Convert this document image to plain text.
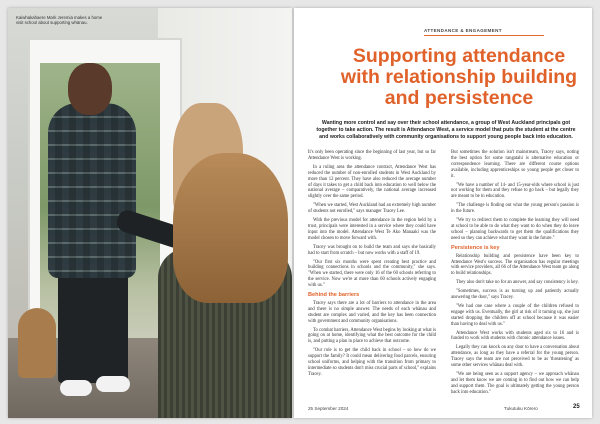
Kaiwhakahaere Mark Jeremia makes a home visit school about supporting whānau.
ATTENDANCE & ENGAGEMENT
Supporting attendance with relationship building and persistence

Wanting more control and say over their school attendance, a group of West Auckland principals got together to take action. The result is Attendance West, a service model that puts the student at the centre and works collaboratively with community organisations to support young people back into education.

It's only been operating since the beginning of last year, but so far Attendance West is working.

In a ruling area the attendance contract, Attendance West has reduced the number of non-enrolled students in West Auckland by more than 12 percent. They have also reduced the average number of days it takes to get a child back into education to well below the national average – comparatively, the national average increased slightly over the same period.

"When we started, West Auckland had an extremely high number of students not enrolled," says manager Tracey Lee.

With the previous model for attendance in the region held by a trust, principals were interested in a service where they could have input into the model. Attendance West Te Ako Manaaki was the model chosen to move forward with.

Tracey was brought on to build the team and says she basically had to start from scratch – but now works with a staff of 19.

"Our first six months were spent creating best practice and building connections in schools and the community," she says. "When we started, there were only 16 of the 60 schools referring to the service. Now we're at more than 60 schools actively engaging with us."

Behind the barriers

Tracey says there are a lot of barriers to attendance in the area and there is no simple answer. The needs of each whānau and student are complex and varied, and the key has been connection with government and community organisations.

To combat barriers, Attendance West begins by looking at what is going on at home, identifying what the best outcome for the child is, and putting a plan in place to achieve that outcome.

"Our role is to get the child back in school – so how do we support the family? It could mean delivering food parcels, ensuring school uniforms, and helping with the transition from primary to intermediate so students don't miss crucial parts of school," explains Tracey.

But sometimes the solution isn't mainstream, Tracey says, noting the best option for some rangatahi is alternative education or correspondence learning. There are different course options available, including apprenticeships so young people get closer to it.

"We have a number of 14- and 15-year-olds where school is just not working for them and they refuse to go back – but legally they are meant to be in education.

"The challenge is finding out what the young person's passion is in the future.

"We try to redirect them to complete the learning they will need at school to be able to do what they want to do when they do leave school – planning backwards to get them the qualifications they need so they can achieve what they want in the future."

Persistence is key

Relationship building and persistence have been key to Attendance West's success. The organisation has regular meetings with service providers, all 66 of the Attendance West team go along to build relationships.

They also don't take no for an answer, and say consistency is key.

"Sometimes, success is as turning up and patiently actually answering the door," says Tracey.

"We had one case where a couple of the children refused to engage with us. Eventually, the girl at risk of it turning up, she just started dropping the children off at school because it was easier than having to deal with us."

Attendance West works with students aged six to 16 and is funded to work with students with chronic attendance issues.

Legally they can knock on any door to have a conversation about attendance, as long as they have a referral for the young person. Tracey says the team are not perceived to be as 'threatening' as some other services whānau deal with.

"We are being seen as a support agency – we approach whānau and let them know we are coming in to find out how we can help and support them. The goal is ultimately getting the young person back into education."

25 September 2024	Tukutuku Kōrero	25
